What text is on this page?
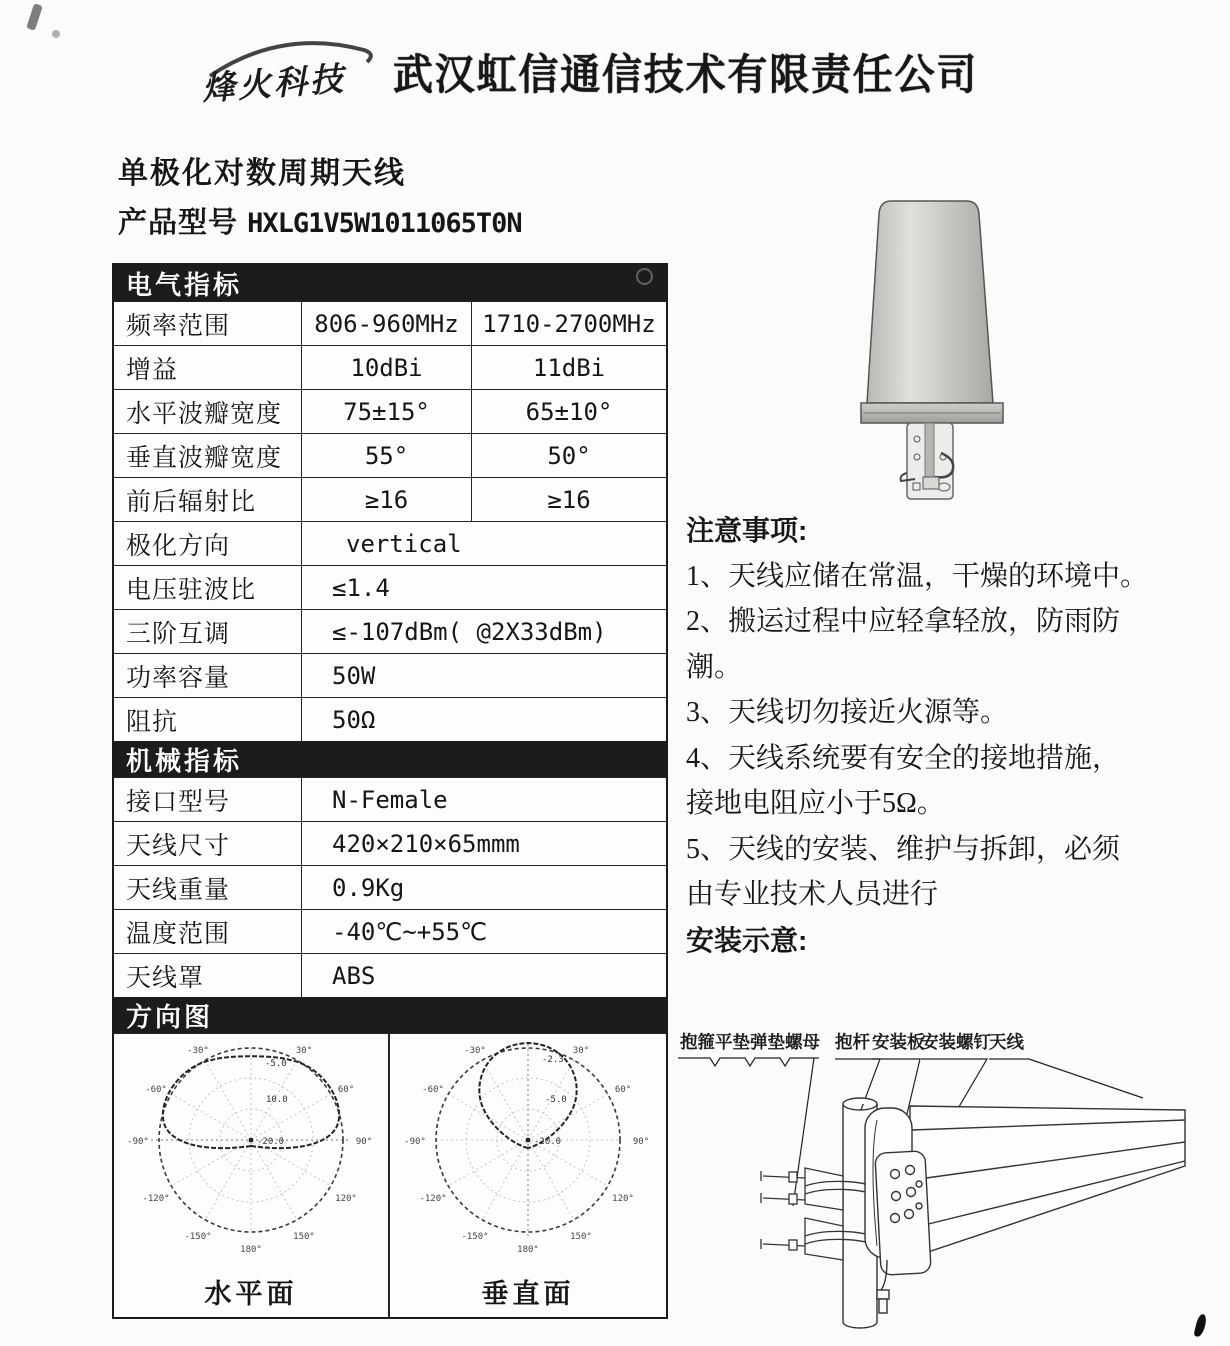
烽火科技 武汉虹信通信技术有限责任公司
单极化对数周期天线
产品型号 HXLG1V5W1011065T0N
电气指标
频率范围	806-960MHz 1710-2700MHz
增益	10dBi	11dBi
水平波瓣宽度	75±15°	65±10°
垂直波瓣宽度	55°	50°
前后辐射比	≥16	≥16
极化方向	vertical
电压驻波比	≤1.4
三阶互调	≤-107dBm( @2X33dBm)
功率容量	50W
阻抗	50Ω
机械指标
接口型号	N-Female
天线尺寸	420×210×65mmm
天线重量	0.9Kg
温度范围	-40℃~+55℃
天线罩	ABS
方向图
-30°	30°
-60°	60°
-90°	90°
-120°	120°
-150°	150°
180°
-5.0
10.0
-20.0
水平面
-30°	30°
-60°	60°
-90°	90°
-120°	120°
-150°	150°
180°
-2.3
-5.0
-20.0
垂直面
注意事项:
1、天线应储在常温，干燥的环境中。
2、搬运过程中应轻拿轻放，防雨防
潮。
3、天线切勿接近火源等。
4、天线系统要有安全的接地措施，
接地电阻应小于5Ω。
5、天线的安装、维护与拆卸，必须
由专业技术人员进行
安装示意:
抱箍 平垫 弹垫 螺母 抱杆 安装板
安装螺钉
天线
